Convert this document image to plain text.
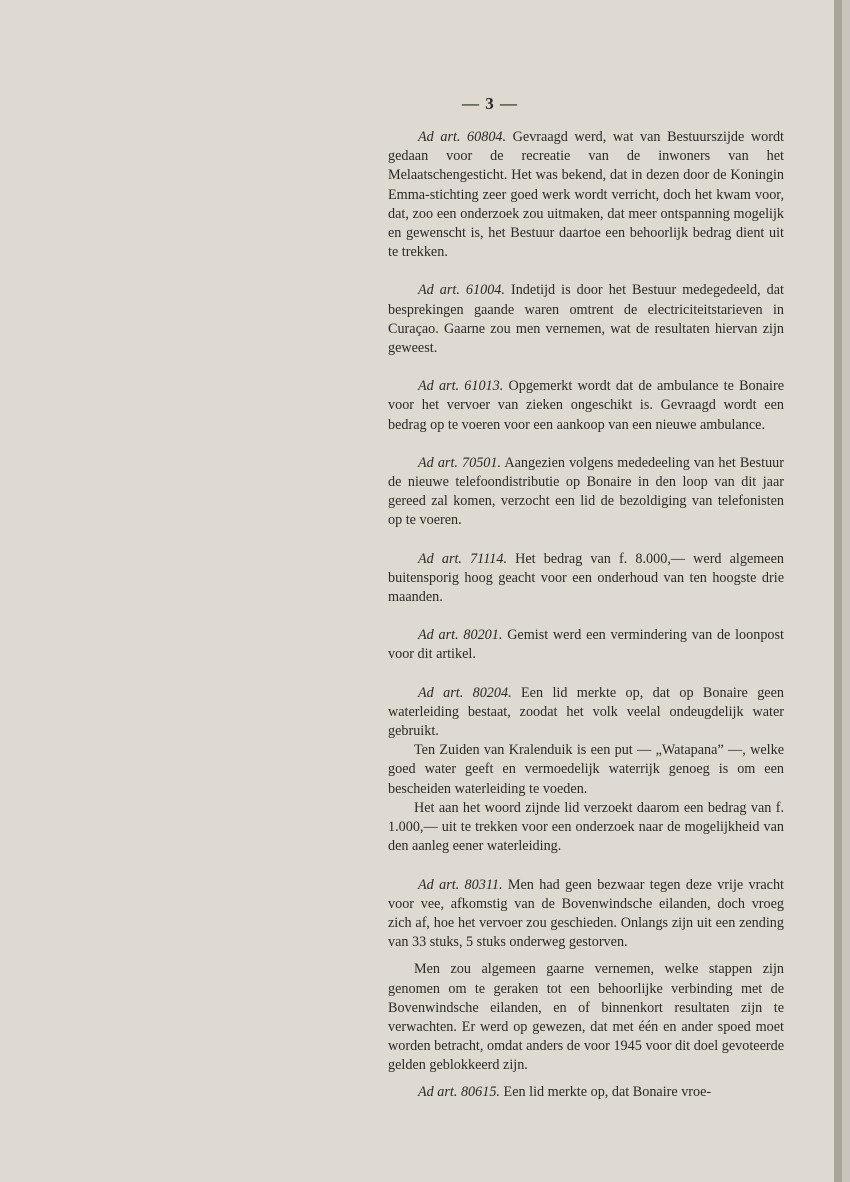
— 3 —

Ad art. 60804. Gevraagd werd, wat van Bestuurszijde wordt gedaan voor de recreatie van de inwoners van het Melaatschengesticht. Het was bekend, dat in dezen door de Koningin Emma-stichting zeer goed werk wordt verricht, doch het kwam voor, dat, zoo een onderzoek zou uitmaken, dat meer ontspanning mogelijk en gewenscht is, het Bestuur daartoe een behoorlijk bedrag dient uit te trekken.

Ad art. 61004. Indetijd is door het Bestuur medegedeeld, dat besprekingen gaande waren omtrent de electriciteitstarieven in Curaçao. Gaarne zou men vernemen, wat de resultaten hiervan zijn geweest.

Ad art. 61013. Opgemerkt wordt dat de ambulance te Bonaire voor het vervoer van zieken ongeschikt is. Gevraagd wordt een bedrag op te voeren voor een aankoop van een nieuwe ambulance.

Ad art. 70501. Aangezien volgens mededeeling van het Bestuur de nieuwe telefoondistributie op Bonaire in den loop van dit jaar gereed zal komen, verzocht een lid de bezoldiging van telefonisten op te voeren.

Ad art. 71114. Het bedrag van f. 8.000,— werd algemeen buitensporig hoog geacht voor een onderhoud van ten hoogste drie maanden.

Ad art. 80201. Gemist werd een vermindering van de loonpost voor dit artikel.

Ad art. 80204. Een lid merkte op, dat op Bonaire geen waterleiding bestaat, zoodat het volk veelal ondeugdelijk water gebruikt.

Ten Zuiden van Kralenduik is een put — „Watapana” —, welke goed water geeft en vermoedelijk waterrijk genoeg is om een bescheiden waterleiding te voeden.

Het aan het woord zijnde lid verzoekt daarom een bedrag van f. 1.000,— uit te trekken voor een onderzoek naar de mogelijkheid van den aanleg eener waterleiding.

Ad art. 80311. Men had geen bezwaar tegen deze vrije vracht voor vee, afkomstig van de Bovenwindsche eilanden, doch vroeg zich af, hoe het vervoer zou geschieden. Onlangs zijn uit een zending van 33 stuks, 5 stuks onderweg gestorven.

Men zou algemeen gaarne vernemen, welke stappen zijn genomen om te geraken tot een behoorlijke verbinding met de Bovenwindsche eilanden, en of binnenkort resultaten zijn te verwachten. Er werd op gewezen, dat met één en ander spoed moet worden betracht, omdat anders de voor 1945 voor dit doel gevoteerde gelden geblokkeerd zijn.

Ad art. 80615. Een lid merkte op, dat Bonaire vroe-
